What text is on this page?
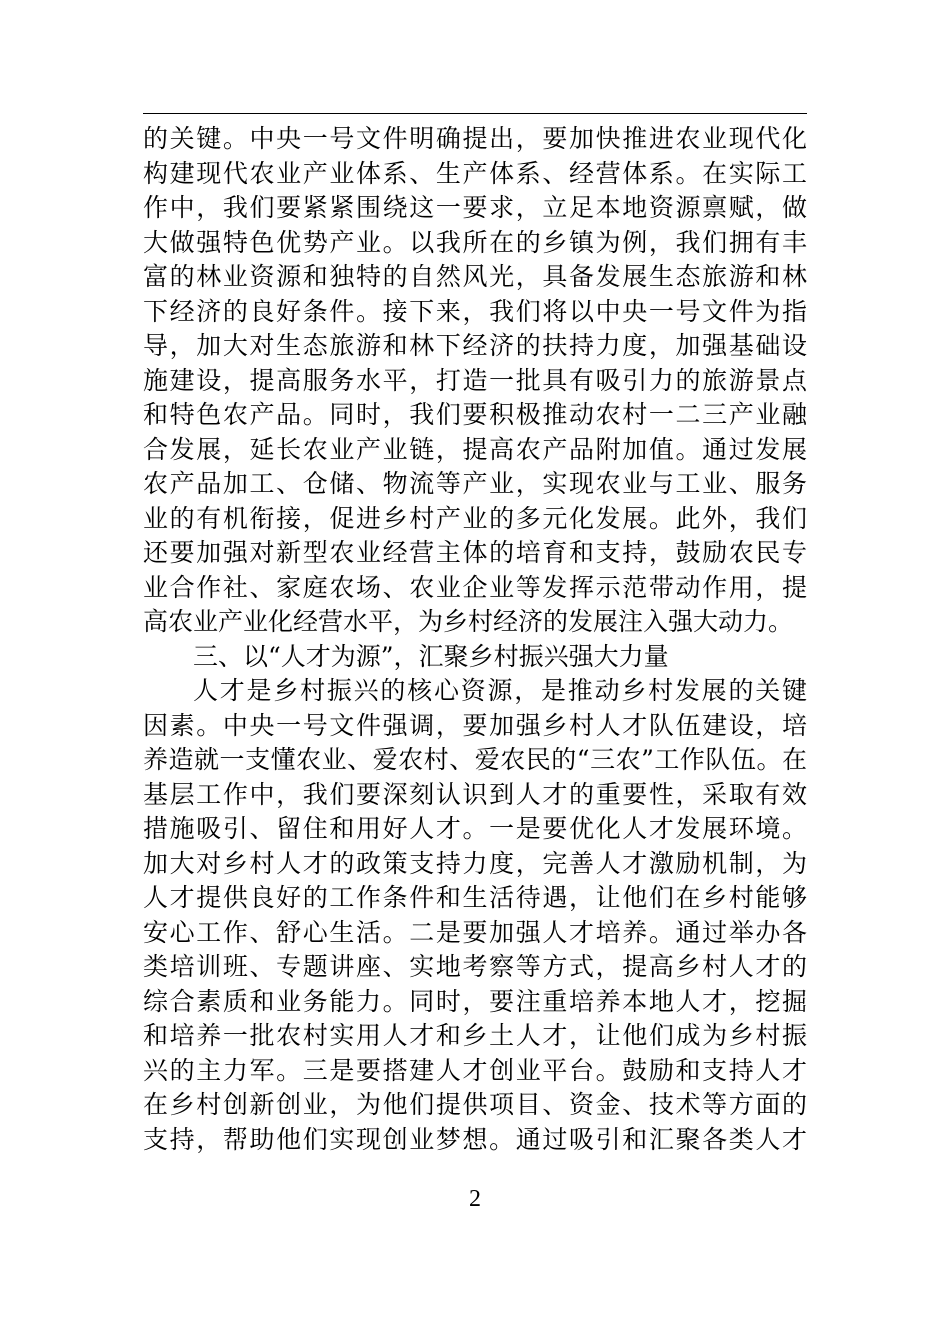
的关键。中央一号文件明确提出，要加快推进农业现代化
构建现代农业产业体系、生产体系、经营体系。在实际工
作中，我们要紧紧围绕这一要求，立足本地资源禀赋，做
大做强特色优势产业。以我所在的乡镇为例，我们拥有丰
富的林业资源和独特的自然风光，具备发展生态旅游和林
下经济的良好条件。接下来，我们将以中央一号文件为指
导，加大对生态旅游和林下经济的扶持力度，加强基础设
施建设，提高服务水平，打造一批具有吸引力的旅游景点
和特色农产品。同时，我们要积极推动农村一二三产业融
合发展，延长农业产业链，提高农产品附加值。通过发展
农产品加工、仓储、物流等产业，实现农业与工业、服务
业的有机衔接，促进乡村产业的多元化发展。此外，我们
还要加强对新型农业经营主体的培育和支持，鼓励农民专
业合作社、家庭农场、农业企业等发挥示范带动作用，提
高农业产业化经营水平，为乡村经济的发展注入强大动力。
三、以“人才为源”，汇聚乡村振兴强大力量
人才是乡村振兴的核心资源，是推动乡村发展的关键
因素。中央一号文件强调，要加强乡村人才队伍建设，培
养造就一支懂农业、爱农村、爱农民的“三农”工作队伍。在
基层工作中，我们要深刻认识到人才的重要性，采取有效
措施吸引、留住和用好人才。一是要优化人才发展环境。
加大对乡村人才的政策支持力度，完善人才激励机制，为
人才提供良好的工作条件和生活待遇，让他们在乡村能够
安心工作、舒心生活。二是要加强人才培养。通过举办各
类培训班、专题讲座、实地考察等方式，提高乡村人才的
综合素质和业务能力。同时，要注重培养本地人才，挖掘
和培养一批农村实用人才和乡土人才，让他们成为乡村振
兴的主力军。三是要搭建人才创业平台。鼓励和支持人才
在乡村创新创业，为他们提供项目、资金、技术等方面的
支持，帮助他们实现创业梦想。通过吸引和汇聚各类人才
2
